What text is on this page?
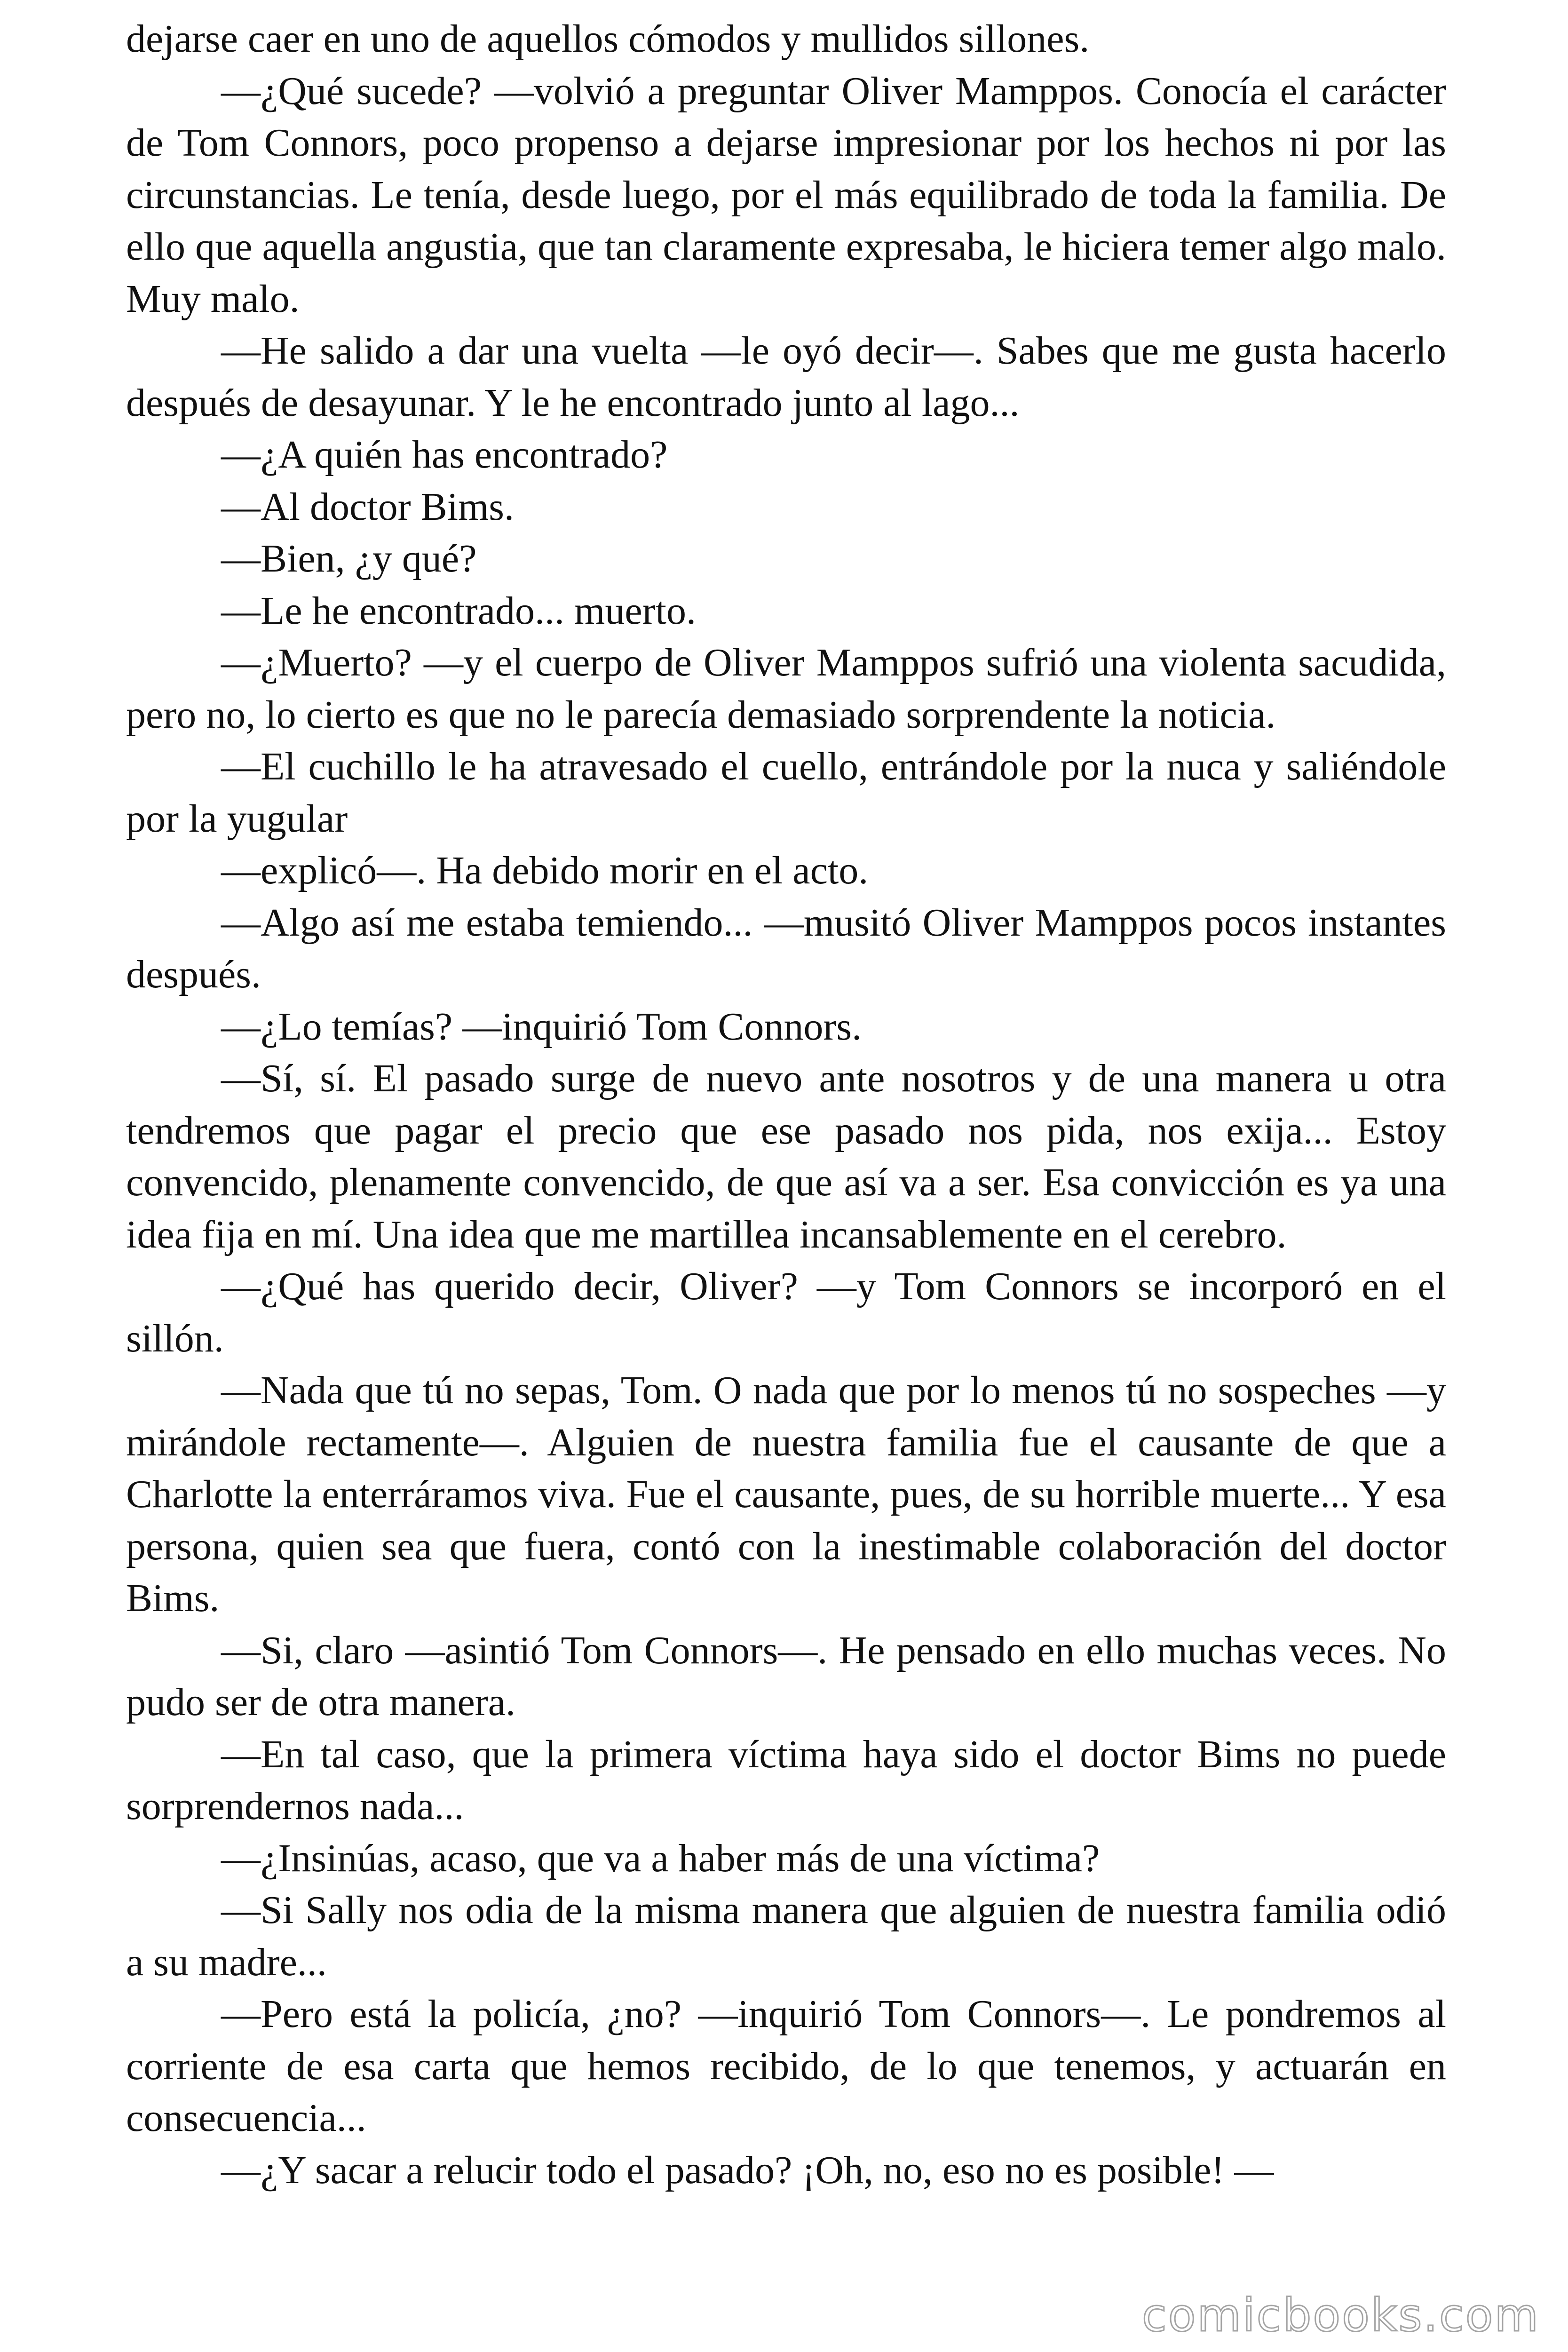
dejarse caer en uno de aquellos cómodos y mullidos sillones.

—¿Qué sucede? —volvió a preguntar Oliver Mamppos. Conocía el carácter de Tom Connors, poco propenso a dejarse impresionar por los hechos ni por las circunstancias. Le tenía, desde luego, por el más equilibrado de toda la familia. De ello que aquella angustia, que tan claramente expresaba, le hiciera temer algo malo. Muy malo.

—He salido a dar una vuelta —le oyó decir—. Sabes que me gusta hacerlo después de desayunar. Y le he encontrado junto al lago...

—¿A quién has encontrado?

—Al doctor Bims.

—Bien, ¿y qué?

—Le he encontrado... muerto.

—¿Muerto? —y el cuerpo de Oliver Mamppos sufrió una violenta sacudida, pero no, lo cierto es que no le parecía demasiado sorprendente la noticia.

—El cuchillo le ha atravesado el cuello, entrándole por la nuca y saliéndole por la yugular

—explicó—. Ha debido morir en el acto.

—Algo así me estaba temiendo... —musitó Oliver Mamppos pocos instantes después.

—¿Lo temías? —inquirió Tom Connors.

—Sí, sí. El pasado surge de nuevo ante nosotros y de una manera u otra tendremos que pagar el precio que ese pasado nos pida, nos exija... Estoy convencido, plenamente convencido, de que así va a ser. Esa convicción es ya una idea fija en mí. Una idea que me martillea incansablemente en el cerebro.

—¿Qué has querido decir, Oliver? —y Tom Connors se incorporó en el sillón.

—Nada que tú no sepas, Tom. O nada que por lo menos tú no sospeches —y mirándole rectamente—. Alguien de nuestra familia fue el causante de que a Charlotte la enterráramos viva. Fue el causante, pues, de su horrible muerte... Y esa persona, quien sea que fuera, contó con la inestimable colaboración del doctor Bims.

—Si, claro —asintió Tom Connors—. He pensado en ello muchas veces. No pudo ser de otra manera.

—En tal caso, que la primera víctima haya sido el doctor Bims no puede sorprendernos nada...

—¿Insinúas, acaso, que va a haber más de una víctima?

—Si Sally nos odia de la misma manera que alguien de nuestra familia odió a su madre...

—Pero está la policía, ¿no? —inquirió Tom Connors—. Le pondremos al corriente de esa carta que hemos recibido, de lo que tenemos, y actuarán en consecuencia...

—¿Y sacar a relucir todo el pasado? ¡Oh, no, eso no es posible! —

comicbooks.com
